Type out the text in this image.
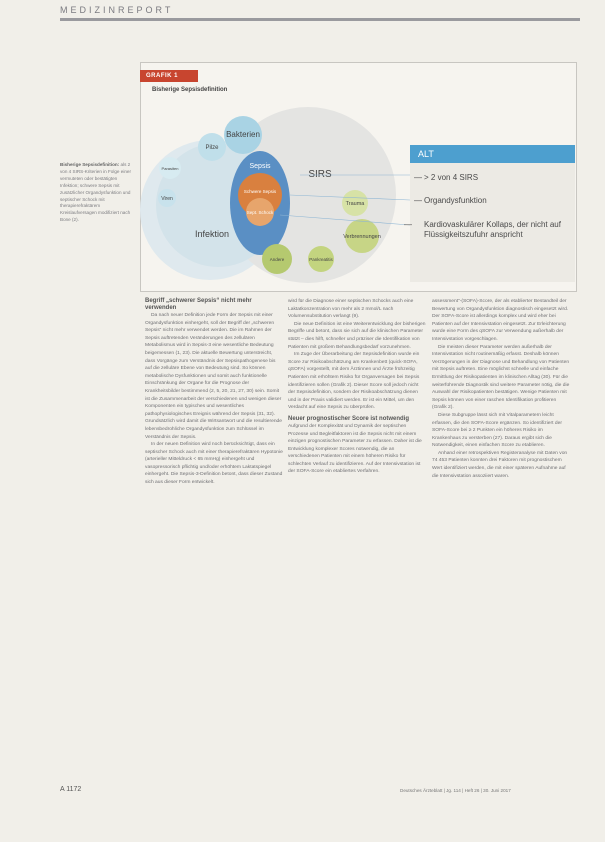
MEDIZINREPORT
GRAFIK 1
Bisherige Sepsisdefinition
Bakterien
Pilze
Parasiten
Viren
Infektion
Sepsis
Schwere Sepsis
Sept. Schock
SIRS
Trauma
Verbrennungen
Andere	Pankreatitis
ALT
— > 2 von 4 SIRS
— Organdysfunktion
— Kardiovaskulärer Kollaps, der nicht auf Flüssigkeitszufuhr anspricht
Bisherige Sepsisdefinition: als 2 von 4 SIRS-Kriterien in Folge einer vermuteten oder bestätigten Infektion; schwere Sepsis mit zusätzlicher Organdysfunktion und septischer Schock mit therapierefraktärem Kreislaufversagen modifiziert nach Bone (2).
Begriff „schwerer Sepsis“ nicht mehr verwenden

Da nach neuer Definition jede Form der Sepsis mit einer Organdysfunktion einhergeht, soll der Begriff der „schweren Sepsis“ nicht mehr verwendet werden. Die im Rahmen der Sepsis auftretenden Veränderungen des zellulären Metabolismus wird in Sepsis-3 eine wesentliche Bedeutung beigemessen (1, 23). Die aktuelle Bewertung unterstreicht, dass Vorgänge zum Verständnis der Sepsispathogenese bis auf die zelluläre Ebene von Bedeutung sind. So können metabolische Dysfunktionen und somit auch funktionelle Einschränkung der Organe für die Prognose der Krankheitsbilder bestimmend (2, 5, 20, 21, 27, 30) sein. Somit ist die Zusammenarbeit der verschiedenen und wenigen dieser Komponenten ein typisches und wesentliches pathophysiologisches Ereignis während der Sepsis (31, 32). Grundsätzlich wird damit die Wirtsantwort und die resultierende lebensbedrohliche Organdysfunktion zum Schlüssel im Verständnis der Sepsis.

In der neuen Definition wird noch berücksichtigt, dass ein septischer Schock auch mit einer therapierefraktären Hypotonie (arterieller Mitteldruck < 65 mmHg) einhergeht und vasopressorisch pflichtig und/oder erhöhtem Laktatspiegel einhergeht. Die Sepsis-3-Definition betont, dass dieser Zustand sich aus dieser Form entwickelt.

wird für die Diagnose einer septischen Schocks auch eine Laktatkonzentration von mehr als 2 mmol/L nach Volumensubstitution verlangt (9).

Die neue Definition ist eine Weiterentwicklung der bisherigen Begriffe und betont, dass sie sich auf die klinischen Parameter stützt – dies hilft, schneller und präziser die Identifikation von Patienten mit großem Behandlungsbedarf vorzunehmen.

Im Zuge der Überarbeitung der Sepsisdefinition wurde ein Score zur Risikoabschätzung am Krankenbett (quick-SOFA, qSOFA) vorgestellt, mit dem Ärztinnen und Ärzte frühzeitig Patienten mit erhöhtem Risiko für Organversagen bei Sepsis identifizieren sollen (Grafik 2). Dieser Score soll jedoch nicht der Sepsisdefinition, sondern der Risikoabschätzung dienen und in der Praxis validiert werden. Er ist ein Mittel, um den Verdacht auf eine Sepsis zu überprüfen.

Neuer prognostischer Score ist notwendig

Aufgrund der Komplexität und Dynamik der septischen Prozesse und Begleitfaktoren ist die Sepsis nicht mit einem einzigen prognostischen Parameter zu erfassen. Daher ist die Entwicklung komplexer Scores notwendig, die an verschiedenen Patienten mit einem höheren Risiko für schlechten Verlauf zu identifizieren. Auf der Intensivstation ist der SOFA-Score ein etabliertes Verfahren.

assessment“-(SOFA)-Score, der als etablierter Bestandteil der Bewertung von Organdysfunktion diagnostisch eingesetzt wird. Der SOFA-Score ist allerdings komplex und wird eher bei Patienten auf der Intensivstation eingesetzt. Zur Erleichterung wurde eine Form des qSOFA zur Verwendung außerhalb der Intensivstation vorgeschlagen.

Die meisten dieser Parameter werden außerhalb der Intensivstation nicht routinemäßig erfasst. Deshalb können Verzögerungen in der Diagnose und Behandlung von Patienten mit Sepsis auftreten. Eine möglichst schnelle und einfache Ermittlung der Risikopatienten im klinischen Alltag (30). Für die weiterführende Diagnostik sind weitere Parameter nötig, die die Auswahl der Risikopatienten bestätigen. Wenige Patienten mit Sepsis können von einer raschen Identifikation profitieren (Grafik 2).

Diese Subgruppe lässt sich mit Vitalparametern leicht erfassen, die den SOFA-Score ergänzen. So identifiziert der SOFA-Score bei ≥ 2 Punkten ein höheres Risiko im Krankenhaus zu versterben (27). Daraus ergibt sich die Notwendigkeit, einen einfachen Score zu etablieren.

Anhand einer retrospektiven Registeranalyse mit Daten von 74 453 Patienten konnten drei Faktoren mit prognostischem Wert identifiziert werden, die mit einer späteren Aufnahme auf die Intensivstation assoziiert waren.

A 1172	Deutsches Ärzteblatt | Jg. 114 | Heft 26 | 30. Juni 2017
